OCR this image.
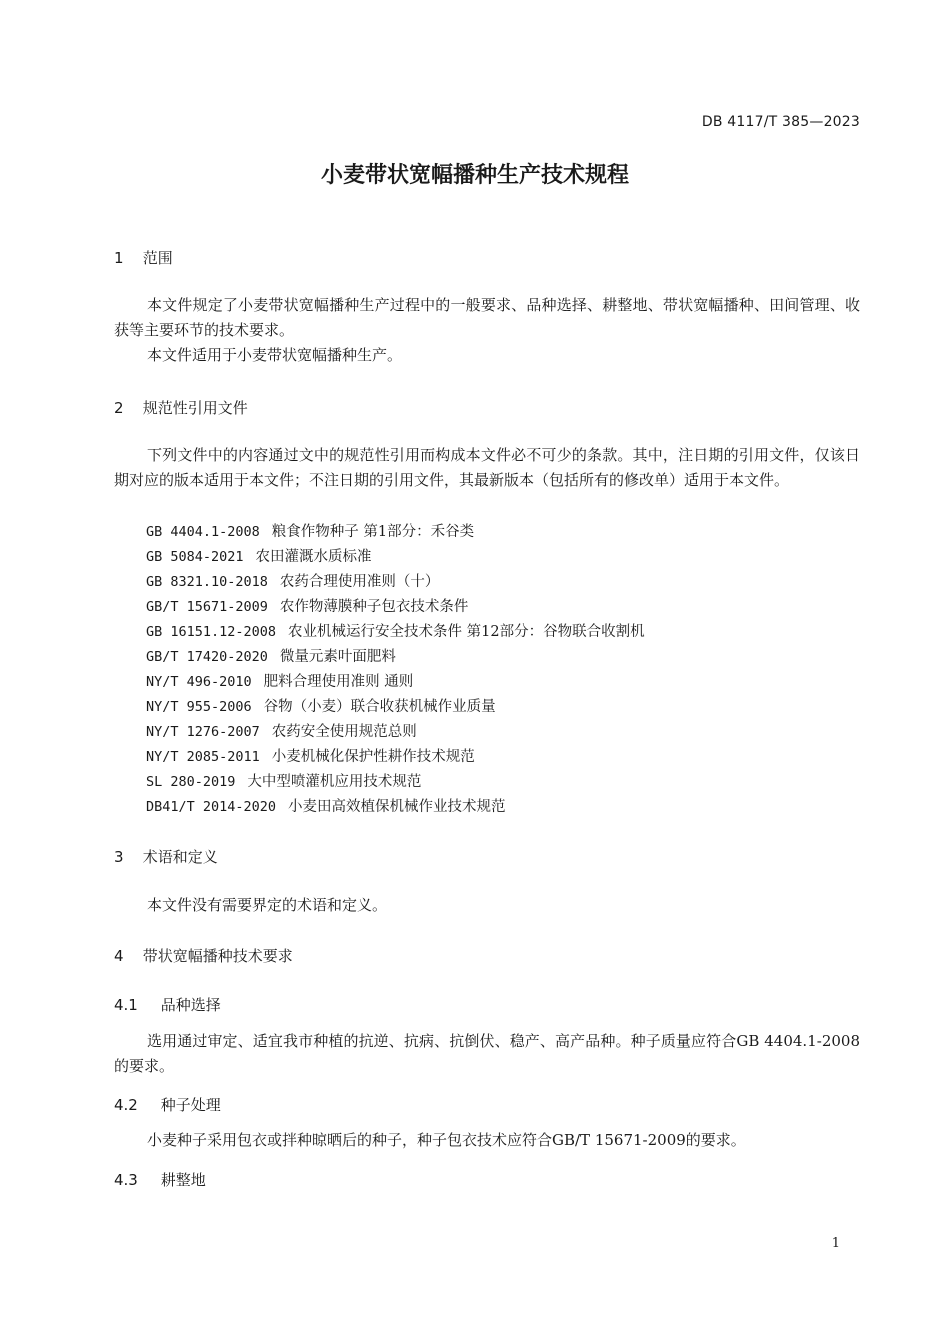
DB 4117/T 385—2023
小麦带状宽幅播种生产技术规程
1 范围
本文件规定了小麦带状宽幅播种生产过程中的一般要求、品种选择、耕整地、带状宽幅播种、田间管理、收获等主要环节的技术要求。
本文件适用于小麦带状宽幅播种生产。
2 规范性引用文件
下列文件中的内容通过文中的规范性引用而构成本文件必不可少的条款。其中，注日期的引用文件，仅该日期对应的版本适用于本文件；不注日期的引用文件，其最新版本（包括所有的修改单）适用于本文件。
GB 4404.1-2008 粮食作物种子 第1部分：禾谷类
GB 5084-2021 农田灌溉水质标准
GB 8321.10-2018 农药合理使用准则（十）
GB/T 15671-2009 农作物薄膜种子包衣技术条件
GB 16151.12-2008 农业机械运行安全技术条件 第12部分：谷物联合收割机
GB/T 17420-2020 微量元素叶面肥料
NY/T 496-2010 肥料合理使用准则 通则
NY/T 955-2006 谷物（小麦）联合收获机械作业质量
NY/T 1276-2007 农药安全使用规范总则
NY/T 2085-2011 小麦机械化保护性耕作技术规范
SL 280-2019 大中型喷灌机应用技术规范
DB41/T 2014-2020 小麦田高效植保机械作业技术规范
3 术语和定义
本文件没有需要界定的术语和定义。
4 带状宽幅播种技术要求
4.1 品种选择
选用通过审定、适宜我市种植的抗逆、抗病、抗倒伏、稳产、高产品种。种子质量应符合GB 4404.1-2008的要求。
4.2 种子处理
小麦种子采用包衣或拌种晾晒后的种子，种子包衣技术应符合GB/T 15671-2009的要求。
4.3 耕整地
1
